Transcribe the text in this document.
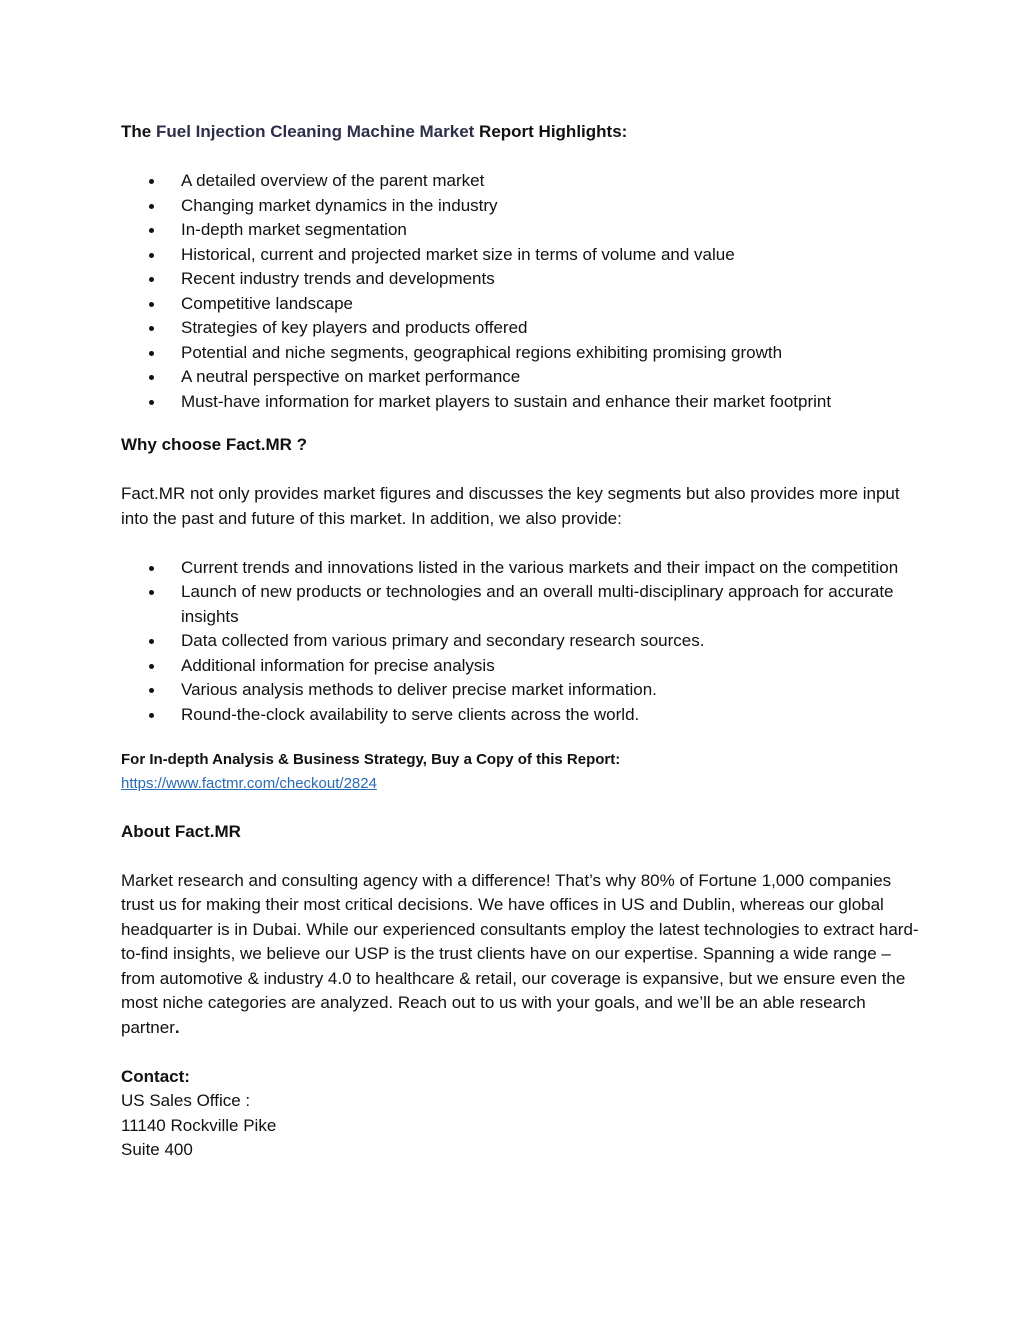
The Fuel Injection Cleaning Machine Market Report Highlights:

A detailed overview of the parent market
Changing market dynamics in the industry
In-depth market segmentation
Historical, current and projected market size in terms of volume and value
Recent industry trends and developments
Competitive landscape
Strategies of key players and products offered
Potential and niche segments, geographical regions exhibiting promising growth
A neutral perspective on market performance
Must-have information for market players to sustain and enhance their market footprint

Why choose Fact.MR ?

Fact.MR not only provides market figures and discusses the key segments but also provides more input into the past and future of this market. In addition, we also provide:

Current trends and innovations listed in the various markets and their impact on the competition
Launch of new products or technologies and an overall multi-disciplinary approach for accurate insights
Data collected from various primary and secondary research sources.
Additional information for precise analysis
Various analysis methods to deliver precise market information.
Round-the-clock availability to serve clients across the world.

For In-depth Analysis & Business Strategy, Buy a Copy of this Report:

https://www.factmr.com/checkout/2824

About Fact.MR

Market research and consulting agency with a difference! That’s why 80% of Fortune 1,000 companies trust us for making their most critical decisions. We have offices in US and Dublin, whereas our global headquarter is in Dubai. While our experienced consultants employ the latest technologies to extract hard-to-find insights, we believe our USP is the trust clients have on our expertise. Spanning a wide range – from automotive & industry 4.0 to healthcare & retail, our coverage is expansive, but we ensure even the most niche categories are analyzed. Reach out to us with your goals, and we’ll be an able research partner.

Contact:

US Sales Office :

11140 Rockville Pike

Suite 400
